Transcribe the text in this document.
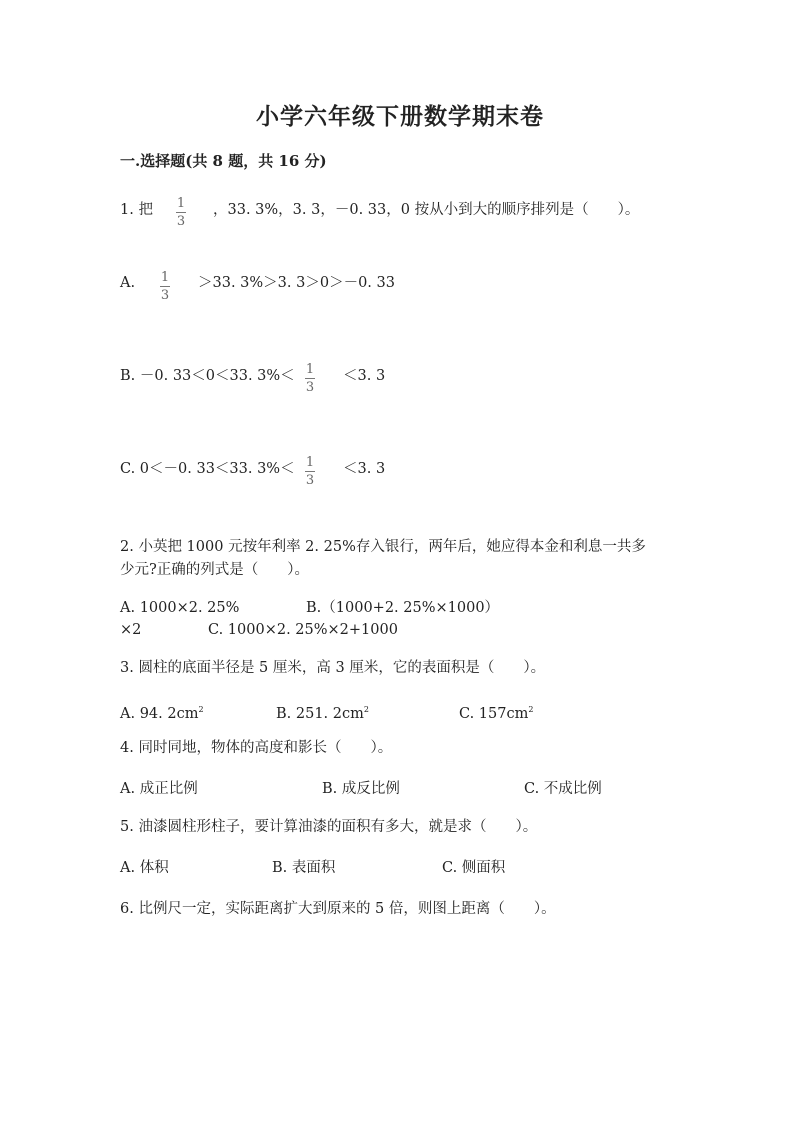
小学六年级下册数学期末卷
一.选择题(共 8 题，共 16 分)
1. 把 1
3
，33. 3%，3. 3，－0. 33，0 按从小到大的顺序排列是（　　）。
A. 1
3
＞33. 3%＞3. 3＞0＞－0. 33
B. －0. 33＜0＜33. 3%＜ 1
3
＜3. 3
C. 0＜－0. 33＜33. 3%＜ 1
3
＜3. 3
2. 小英把 1000 元按年利率 2. 25%存入银行，两年后，她应得本金和利息一共多
少元?正确的列式是（　　）。
A. 1000×2. 25%	B.（1000+2. 25%×1000）
×2	C. 1000×2. 25%×2+1000
3. 圆柱的底面半径是 5 厘米，高 3 厘米，它的表面积是（　　）。
A. 94. $2cm^2$	B. 251. $2cm^2$	C. $157cm^2$
4. 同时同地，物体的高度和影长（　　）。
A. 成正比例	B. 成反比例	C. 不成比例
5. 油漆圆柱形柱子，要计算油漆的面积有多大，就是求（　　）。
A. 体积	B. 表面积	C. 侧面积
6. 比例尺一定，实际距离扩大到原来的 5 倍，则图上距离（　　）。
